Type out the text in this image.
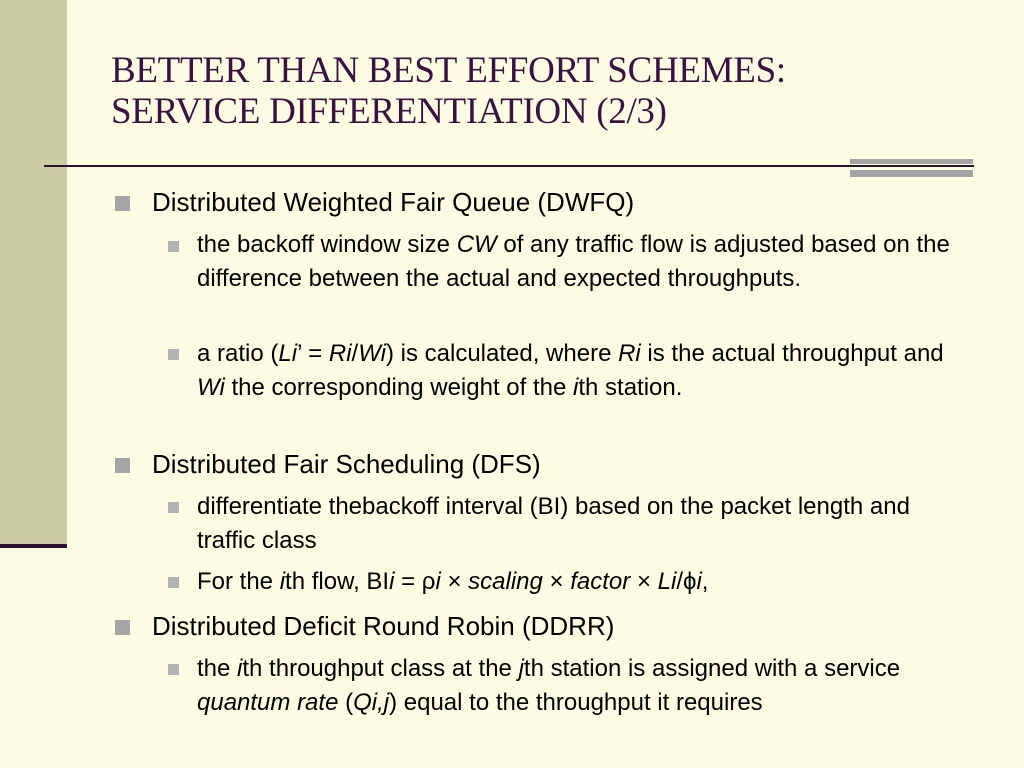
BETTER THAN BEST EFFORT SCHEMES:
SERVICE DIFFERENTIATION (2/3)
Distributed Weighted Fair Queue (DWFQ)
the backoff window size CW of any traffic flow is adjusted based on the difference between the actual and expected throughputs.
a ratio (Li’ = Ri/Wi) is calculated, where Ri is the actual throughput and Wi the corresponding weight of the ith station.
Distributed Fair Scheduling (DFS)
differentiate thebackoff interval (BI) based on the packet length and traffic class
For the ith flow, BIi = ρi × scaling × factor × Li/ϕi,
Distributed Deficit Round Robin (DDRR)
the ith throughput class at the jth station is assigned with a service quantum rate (Qi,j) equal to the throughput it requires
